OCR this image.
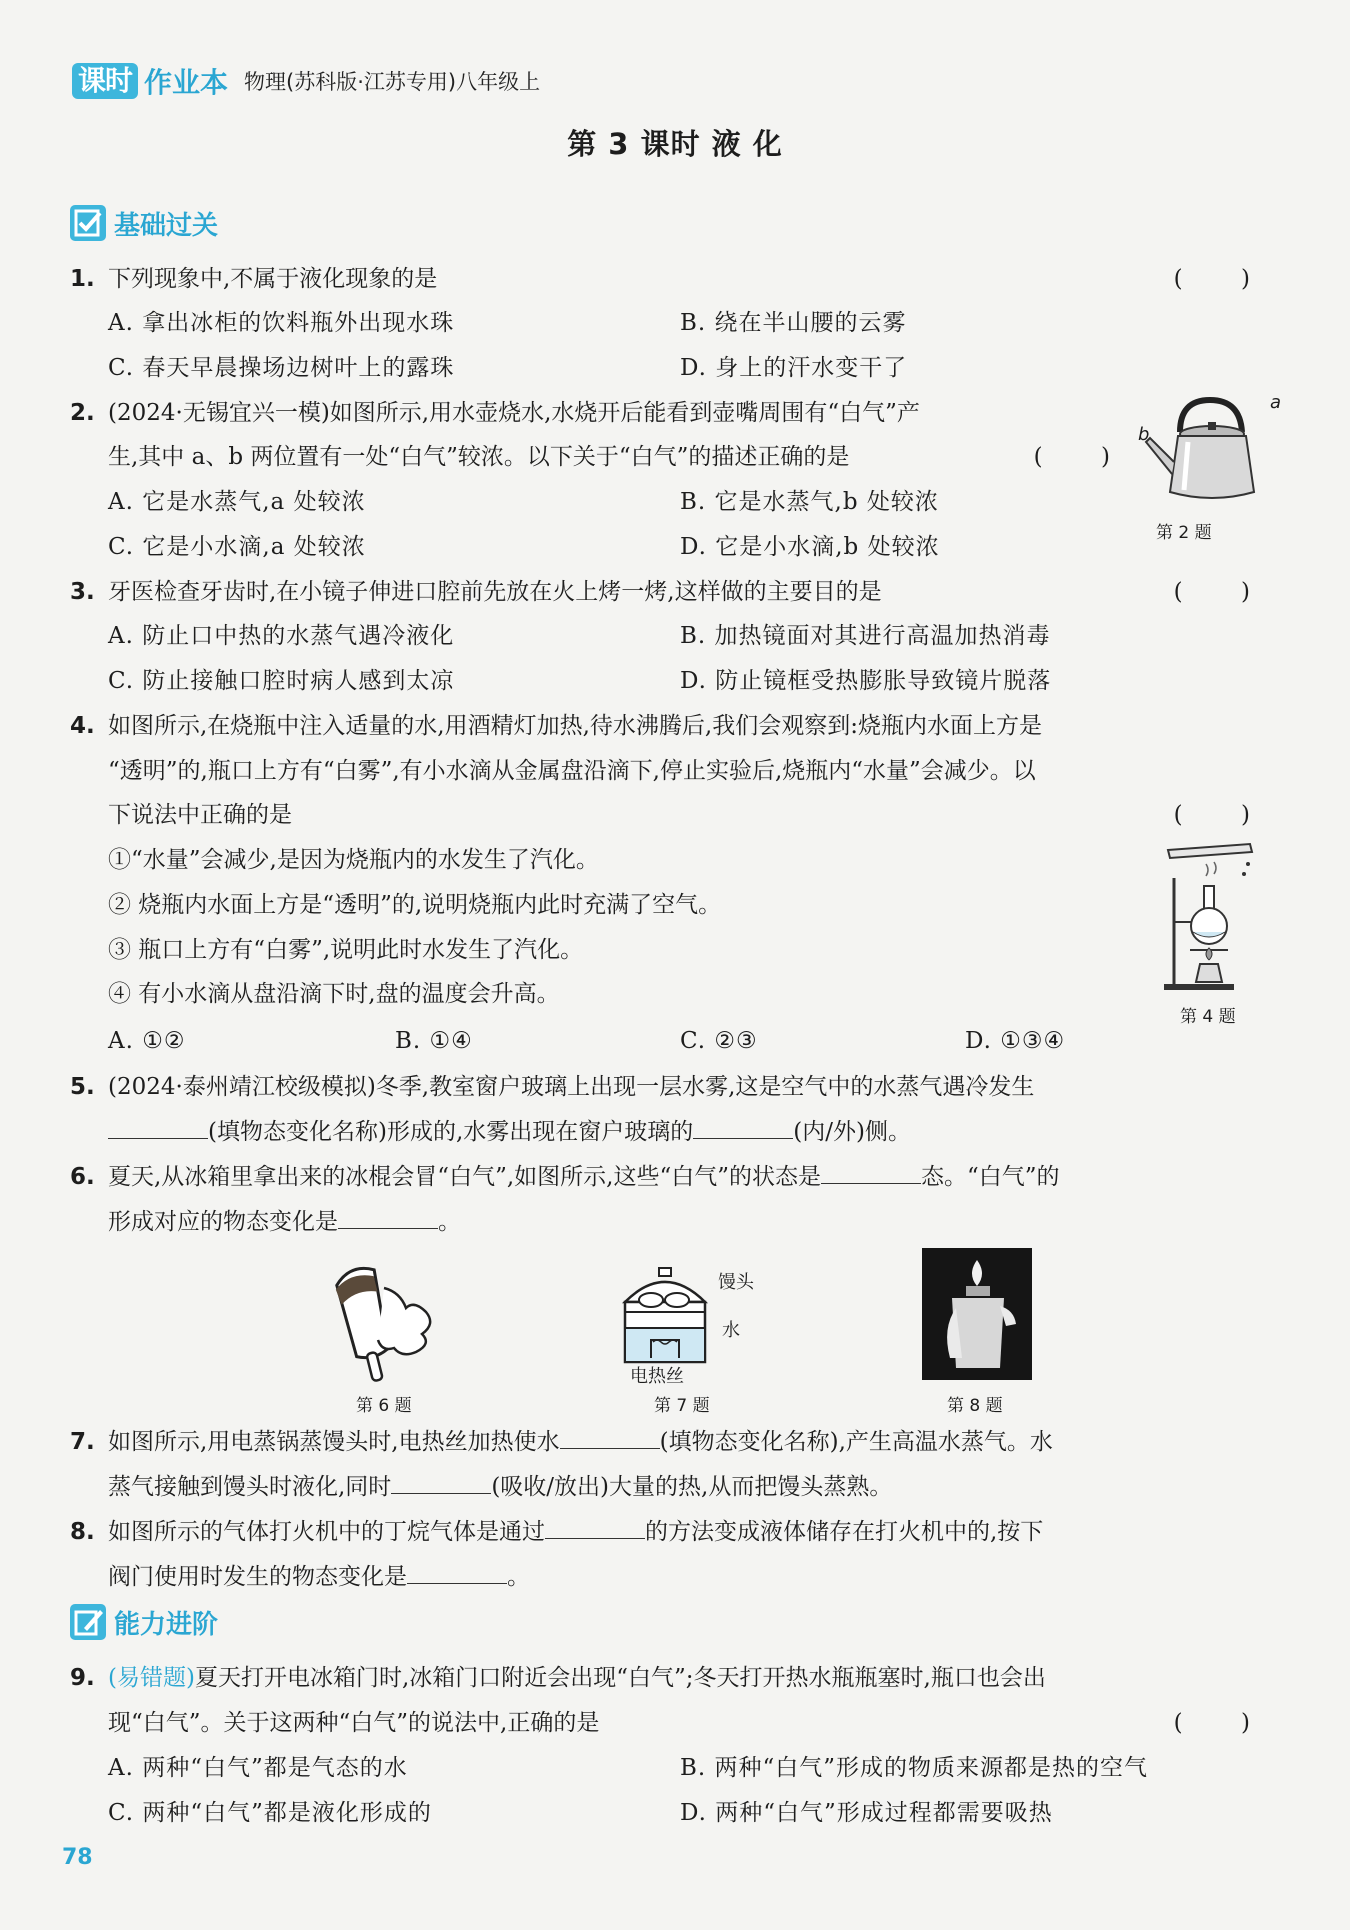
课时 作业本 物理(苏科版·江苏专用)八年级上
第 3 课时 液 化
基础过关
1. 下列现象中,不属于液化现象的是	(        )
A. 拿出冰柜的饮料瓶外出现水珠	B. 绕在半山腰的云雾
C. 春天早晨操场边树叶上的露珠	D. 身上的汗水变干了
2. (2024·无锡宜兴一模)如图所示,用水壶烧水,水烧开后能看到壶嘴周围有“白气”产
生,其中 a、b 两位置有一处“白气”较浓。以下关于“白气”的描述正确的是	(        )
A. 它是水蒸气,a 处较浓	B. 它是水蒸气,b 处较浓
C. 它是小水滴,a 处较浓	D. 它是小水滴,b 处较浓
a
b
第 2 题
3. 牙医检查牙齿时,在小镜子伸进口腔前先放在火上烤一烤,这样做的主要目的是	(        )
A. 防止口中热的水蒸气遇冷液化	B. 加热镜面对其进行高温加热消毒
C. 防止接触口腔时病人感到太凉	D. 防止镜框受热膨胀导致镜片脱落
4. 如图所示,在烧瓶中注入适量的水,用酒精灯加热,待水沸腾后,我们会观察到:烧瓶内水面上方是
“透明”的,瓶口上方有“白雾”,有小水滴从金属盘沿滴下,停止实验后,烧瓶内“水量”会减少。以
下说法中正确的是	(        )
①“水量”会减少,是因为烧瓶内的水发生了汽化。
② 烧瓶内水面上方是“透明”的,说明烧瓶内此时充满了空气。
③ 瓶口上方有“白雾”,说明此时水发生了汽化。
④ 有小水滴从盘沿滴下时,盘的温度会升高。
A. ①②	B. ①④	C. ②③	D. ①③④
第 4 题
5. (2024·泰州靖江校级模拟)冬季,教室窗户玻璃上出现一层水雾,这是空气中的水蒸气遇冷发生
(填物态变化名称)形成的,水雾出现在窗户玻璃的	(内/外)侧。
6. 夏天,从冰箱里拿出来的冰棍会冒“白气”,如图所示,这些“白气”的状态是	态。“白气”的
形成对应的物态变化是	。
第 6 题
馒头
水
电热丝
第 7 题	第 8 题
7. 如图所示,用电蒸锅蒸馒头时,电热丝加热使水	(填物态变化名称),产生高温水蒸气。水
蒸气接触到馒头时液化,同时	(吸收/放出)大量的热,从而把馒头蒸熟。
8. 如图所示的气体打火机中的丁烷气体是通过	的方法变成液体储存在打火机中的,按下
阀门使用时发生的物态变化是	。
能力进阶
9. (易错题)夏天打开电冰箱门时,冰箱门口附近会出现“白气”;冬天打开热水瓶瓶塞时,瓶口也会出
现“白气”。关于这两种“白气”的说法中,正确的是	(        )
A. 两种“白气”都是气态的水	B. 两种“白气”形成的物质来源都是热的空气
C. 两种“白气”都是液化形成的	D. 两种“白气”形成过程都需要吸热
78
